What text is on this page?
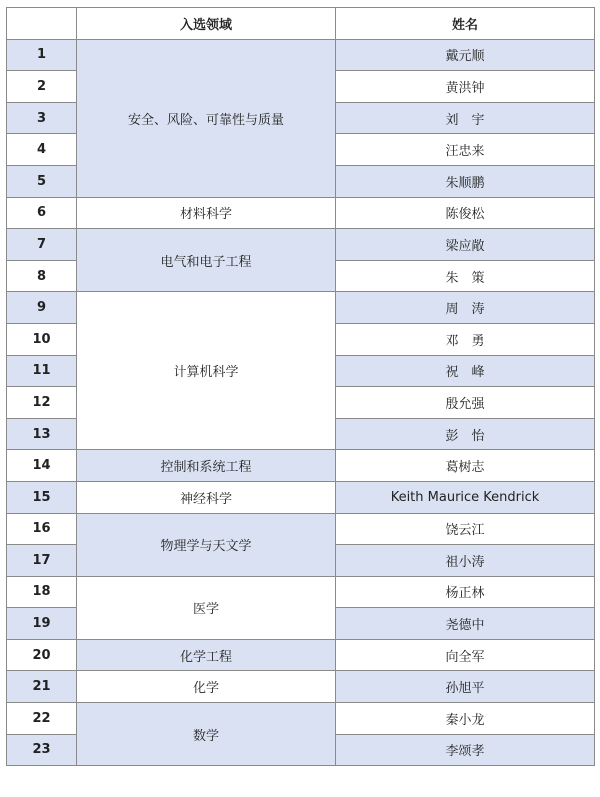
	入选领域	姓名
1	安全、风险、可靠性与质量	戴元顺
2		黄洪钟
3		刘　宇
4		汪忠来
5		朱顺鹏
6	材料科学	陈俊松
7	电气和电子工程	梁应敞
8		朱　策
9	计算机科学	周　涛
10		邓　勇
11		祝　峰
12		殷允强
13		彭　怡
14	控制和系统工程	葛树志
15	神经科学	Keith Maurice Kendrick
16	物理学与天文学	饶云江
17		祖小涛
18	医学	杨正林
19		尧德中
20	化学工程	向全军
21	化学	孙旭平
22	数学	秦小龙
23		李颂孝
